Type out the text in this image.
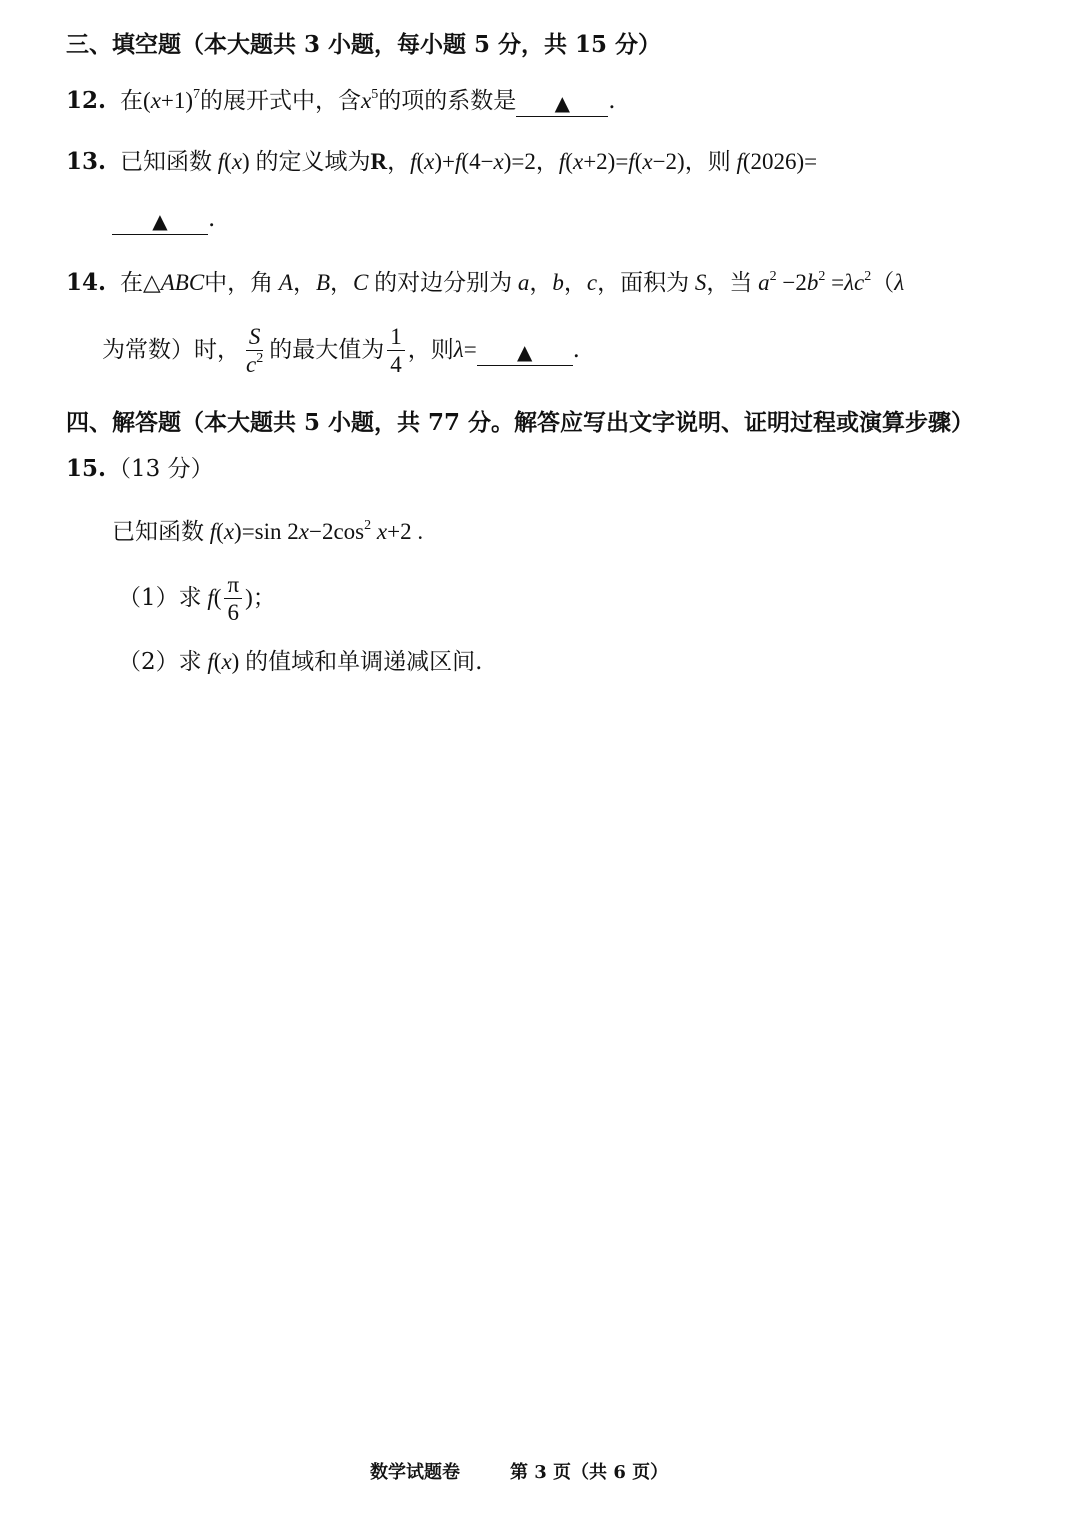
三、填空题（本大题共 3 小题，每小题 5 分，共 15 分）
12. 在$(x+1)^7$的展开式中，含$x^5$的项的系数是 ▲ .
13. 已知函数 f(x) 的定义域为R，f(x)+f(4−x)=2，f(x+2)=f(x−2)，则 f(2026)=
▲ .
14. 在△ABC中，角 A，B，C 的对边分别为 a，b，c，面积为 S，当 $a^2 -2b^2 =\lambda c^2(\lambda$
为常数）时， $\frac{S}{c^2}$ 的最大值为 $\frac{1}{4}$ ，则λ= ▲ .
四、解答题（本大题共 5 小题，共 77 分。解答应写出文字说明、证明过程或演算步骤）
15.（13 分）
已知函数 f(x)=sin $2x-2\cos^2$ x+2 .
（1）求 $f( \frac{\pi}{6}$ )；
（2）求 f(x) 的值域和单调递减区间.
数学试题卷	第 3 页（共 6 页）
